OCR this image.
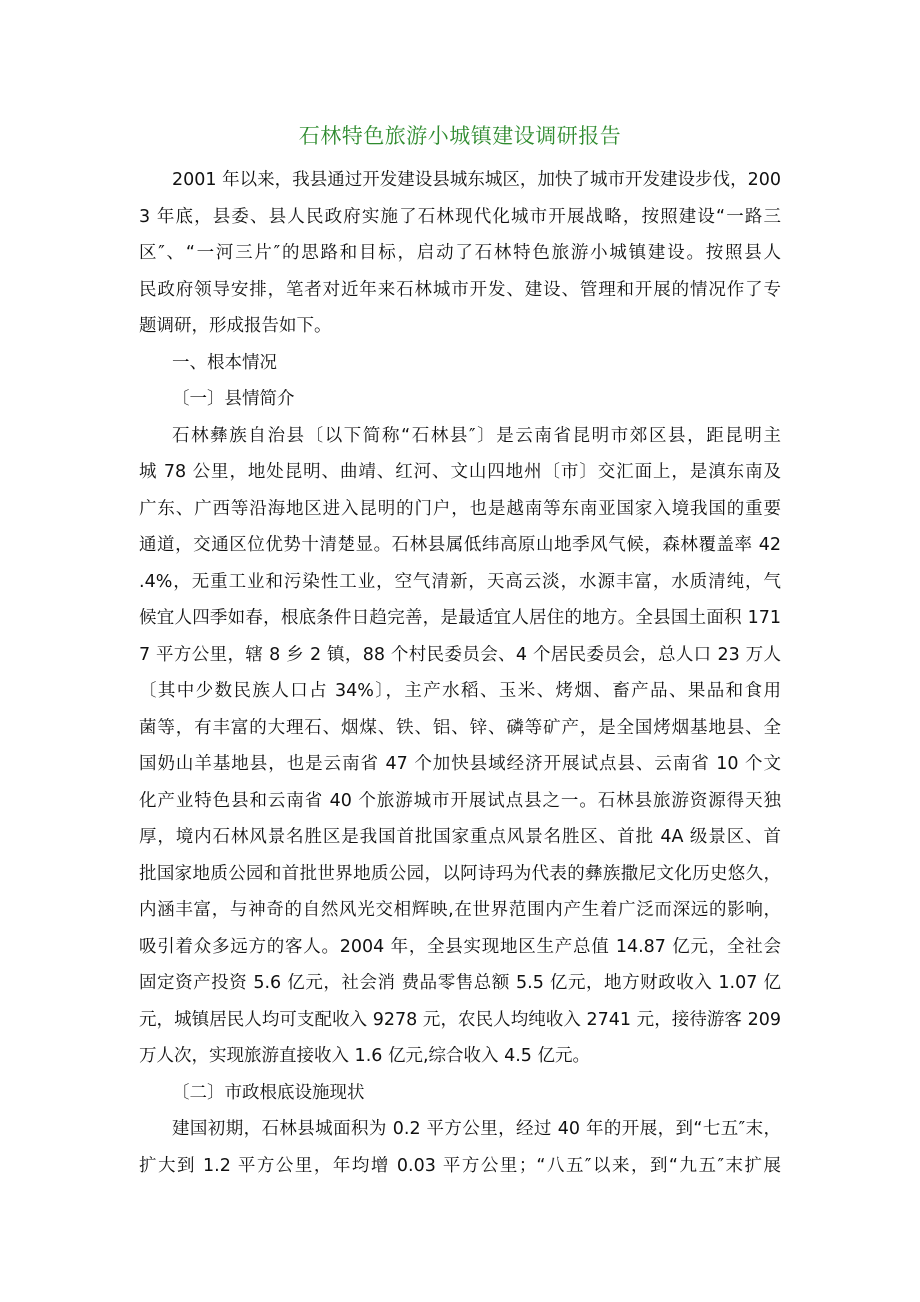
石林特色旅游小城镇建设调研报告
2001 年以来，我县通过开发建设县城东城区，加快了城市开发建设步伐，200
3 年底，县委、县人民政府实施了石林现代化城市开展战略，按照建设“一路三
区″、“一河三片″的思路和目标，启动了石林特色旅游小城镇建设。按照县人
民政府领导安排，笔者对近年来石林城市开发、建设、管理和开展的情况作了专
题调研，形成报告如下。
一、根本情况
〔一〕县情简介
石林彝族自治县〔以下简称“石林县″〕是云南省昆明市郊区县，距昆明主
城 78 公里，地处昆明、曲靖、红河、文山四地州〔市〕交汇面上，是滇东南及
广东、广西等沿海地区进入昆明的门户，也是越南等东南亚国家入境我国的重要
通道，交通区位优势十清楚显。石林县属低纬高原山地季风气候，森林覆盖率 42
.4%，无重工业和污染性工业，空气清新，天高云淡，水源丰富，水质清纯，气
候宜人四季如春，根底条件日趋完善，是最适宜人居住的地方。全县国土面积 171
7 平方公里，辖 8 乡 2 镇，88 个村民委员会、4 个居民委员会，总人口 23 万人
〔其中少数民族人口占 34%〕，主产水稻、玉米、烤烟、畜产品、果品和食用
菌等，有丰富的大理石、烟煤、铁、铝、锌、磷等矿产，是全国烤烟基地县、全
国奶山羊基地县，也是云南省 47 个加快县域经济开展试点县、云南省 10 个文
化产业特色县和云南省 40 个旅游城市开展试点县之一。石林县旅游资源得天独
厚，境内石林风景名胜区是我国首批国家重点风景名胜区、首批 4A 级景区、首
批国家地质公园和首批世界地质公园，以阿诗玛为代表的彝族撒尼文化历史悠久，
内涵丰富，与神奇的自然风光交相辉映,在世界范围内产生着广泛而深远的影响，
吸引着众多远方的客人。2004 年，全县实现地区生产总值 14.87 亿元，全社会
固定资产投资 5.6 亿元，社会消 费品零售总额 5.5 亿元，地方财政收入 1.07 亿
元，城镇居民人均可支配收入 9278 元，农民人均纯收入 2741 元，接待游客 209
万人次，实现旅游直接收入 1.6 亿元,综合收入 4.5 亿元。
〔二〕市政根底设施现状
建国初期，石林县城面积为 0.2 平方公里，经过 40 年的开展，到“七五″末，
扩大到 1.2 平方公里，年均增 0.03 平方公里；“八五″以来，到“九五″末扩展
